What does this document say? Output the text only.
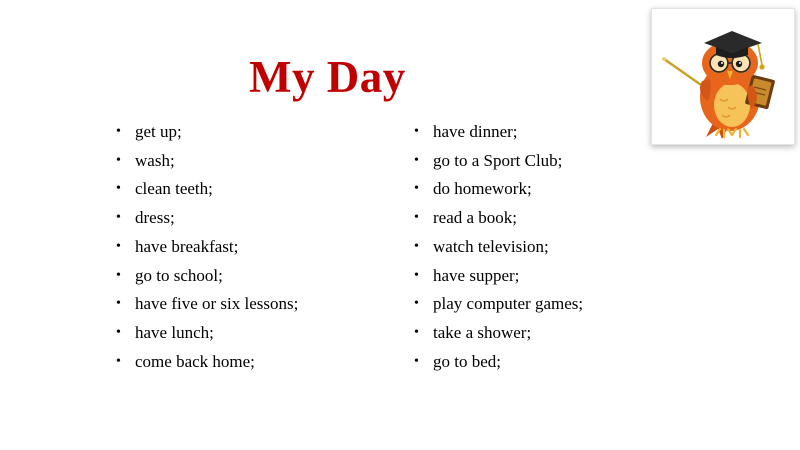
My Day
• get up;
• wash;
• clean teeth;
• dress;
• have breakfast;
• go to school;
• have five or six lessons;
• have lunch;
• come back home;
• have dinner;
• go to a Sport Club;
• do homework;
• read a book;
• watch television;
• have supper;
• play computer games;
• take a shower;
• go to bed;
